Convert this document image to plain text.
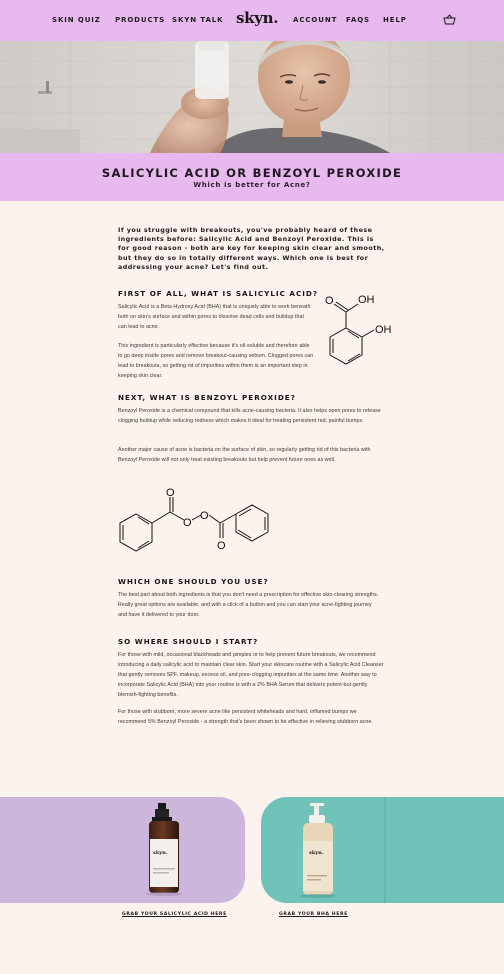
SKIN QUIZ PRODUCTS SKYN TALK skyn. ACCOUNT FAQS HELP
SALICYLIC ACID OR BENZOYL PEROXIDE
Which is better for Acne?
If you struggle with breakouts, you've probably heard of these ingredients before: Salicylic Acid and Benzoyl Peroxide. This is for good reason - both are key for keeping skin clear and smooth, but they do so in totally different ways. Which one is best for addressing your acne? Let's find out.
FIRST OF ALL, WHAT IS SALICYLIC ACID?
Salicylic Acid is a Beta Hydroxy Acid (BHA) that is uniquely able to work beneath both on skin's surface and within pores to dissolve dead cells and buildup that can lead to acne.
This ingredient is particularly effective because it's oil-soluble and therefore able to go deep inside pores and remove breakout-causing sebum. Clogged pores can lead to breakouts, so getting rid of impurities within them is an important step in keeping skin clear.
O OH
OH
NEXT, WHAT IS BENZOYL PEROXIDE?
Benzoyl Peroxide is a chemical compound that kills acne-causing bacteria. It also helps open pores to release clogging buildup while reducing redness which makes it ideal for treating persistent red, painful bumps.
Another major cause of acne is bacteria on the surface of skin, so regularly getting rid of this bacteria with Benzoyl Peroxide will not only treat existing breakouts but help prevent future ones as well.
O
O
O
O
WHICH ONE SHOULD YOU USE?
The best part about both ingredients is that you don't need a prescription for effective skin-clearing strengths. Really great options are available, and with a click of a button and you can start your acne-fighting journey and have it delivered to your door.
SO WHERE SHOULD I START?
For those with mild, occasional blackheads and pimples or to help prevent future breakouts, we recommend introducing a daily salicylic acid to maintain clear skin. Start your skincare routine with a Salicylic Acid Cleanser that gently removes SPF, makeup, excess oil, and pore-clogging impurities at the same time. Another way to incorporate Salicylic Acid (BHA) into your routine is with a 2% BHA Serum that delivers potent-but-gently blemish-fighting benefits.
For those with stubborn, more severe acne like persistent whiteheads and hard, inflamed bumps we recommend 5% Benzoyl Peroxide - a strength that's been shown to be effective in relieving stubborn acne.
skyn.	skyn.
GRAB YOUR SALICYLIC ACID HERE	GRAB YOUR BHA HERE
